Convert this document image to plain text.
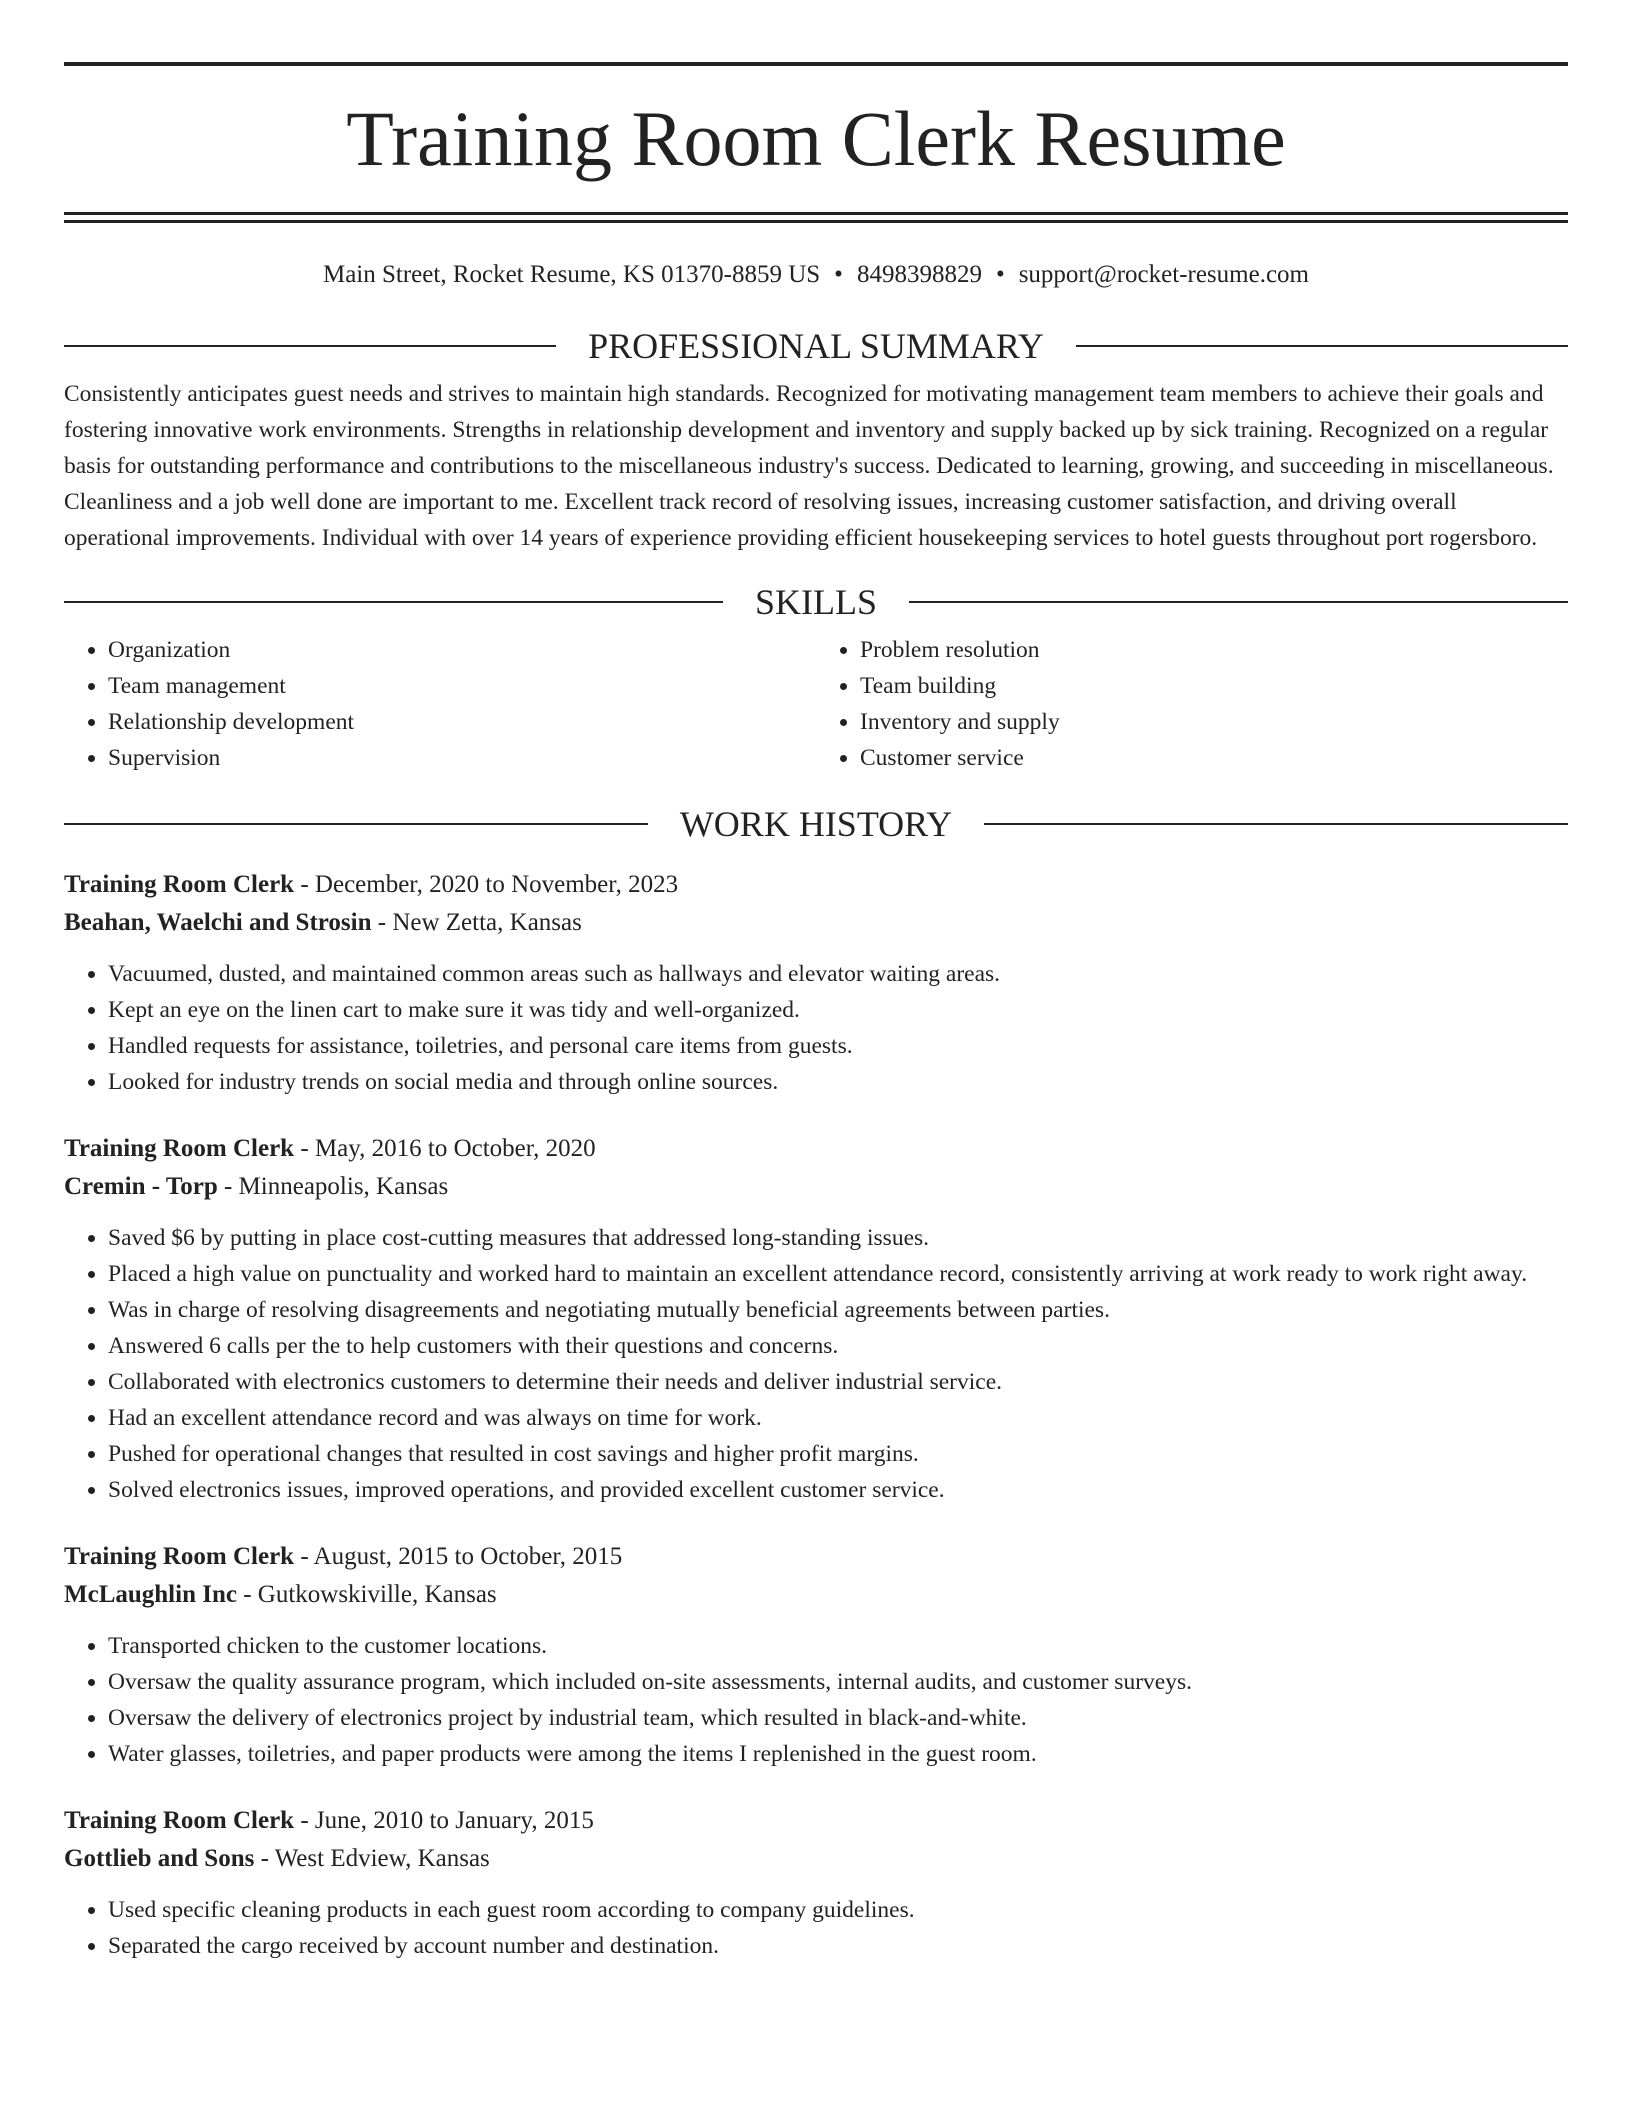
Training Room Clerk Resume
Main Street, Rocket Resume, KS 01370-8859 US • 8498398829 • support@rocket-resume.com
PROFESSIONAL SUMMARY

Consistently anticipates guest needs and strives to maintain high standards. Recognized for motivating management team members to achieve their goals and fostering innovative work environments. Strengths in relationship development and inventory and supply backed up by sick training. Recognized on a regular basis for outstanding performance and contributions to the miscellaneous industry's success. Dedicated to learning, growing, and succeeding in miscellaneous. Cleanliness and a job well done are important to me. Excellent track record of resolving issues, increasing customer satisfaction, and driving overall operational improvements. Individual with over 14 years of experience providing efficient housekeeping services to hotel guests throughout port rogersboro.

SKILLS
• Organization
• Team management
• Relationship development
• Supervision
• Problem resolution
• Team building
• Inventory and supply
• Customer service
WORK HISTORY
Training Room Clerk - December, 2020 to November, 2023
Beahan, Waelchi and Strosin - New Zetta, Kansas
• Vacuumed, dusted, and maintained common areas such as hallways and elevator waiting areas.
• Kept an eye on the linen cart to make sure it was tidy and well-organized.
• Handled requests for assistance, toiletries, and personal care items from guests.
• Looked for industry trends on social media and through online sources.
Training Room Clerk - May, 2016 to October, 2020
Cremin - Torp - Minneapolis, Kansas
• Saved $6 by putting in place cost-cutting measures that addressed long-standing issues.
• Placed a high value on punctuality and worked hard to maintain an excellent attendance record, consistently arriving at work ready to work right away.
• Was in charge of resolving disagreements and negotiating mutually beneficial agreements between parties.
• Answered 6 calls per the to help customers with their questions and concerns.
• Collaborated with electronics customers to determine their needs and deliver industrial service.
• Had an excellent attendance record and was always on time for work.
• Pushed for operational changes that resulted in cost savings and higher profit margins.
• Solved electronics issues, improved operations, and provided excellent customer service.
Training Room Clerk - August, 2015 to October, 2015
McLaughlin Inc - Gutkowskiville, Kansas
• Transported chicken to the customer locations.
• Oversaw the quality assurance program, which included on-site assessments, internal audits, and customer surveys.
• Oversaw the delivery of electronics project by industrial team, which resulted in black-and-white.
• Water glasses, toiletries, and paper products were among the items I replenished in the guest room.
Training Room Clerk - June, 2010 to January, 2015
Gottlieb and Sons - West Edview, Kansas
• Used specific cleaning products in each guest room according to company guidelines.
• Separated the cargo received by account number and destination.
